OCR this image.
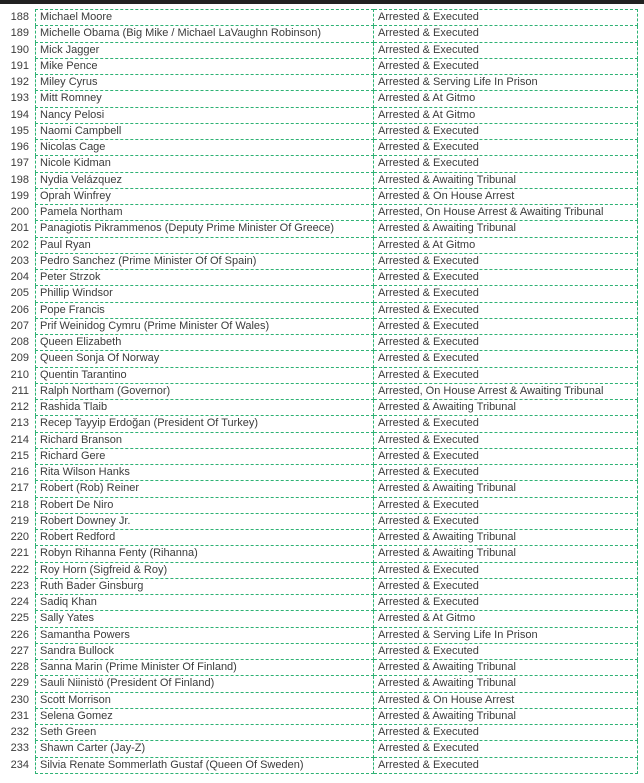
188	Michael Moore	Arrested & Executed
189	Michelle Obama (Big Mike / Michael LaVaughn Robinson)	Arrested & Executed
190	Mick Jagger	Arrested & Executed
191	Mike Pence	Arrested & Executed
192	Miley Cyrus	Arrested & Serving Life In Prison
193	Mitt Romney	Arrested & At Gitmo
194	Nancy Pelosi	Arrested & At Gitmo
195	Naomi Campbell	Arrested & Executed
196	Nicolas Cage	Arrested & Executed
197	Nicole Kidman	Arrested & Executed
198	Nydia Velázquez	Arrested & Awaiting Tribunal
199	Oprah Winfrey	Arrested & On House Arrest
200	Pamela Northam	Arrested, On House Arrest & Awaiting Tribunal
201	Panagiotis Pikrammenos (Deputy Prime Minister Of Greece)	Arrested & Awaiting Tribunal
202	Paul Ryan	Arrested & At Gitmo
203	Pedro Sanchez (Prime Minister Of Of Spain)	Arrested & Executed
204	Peter Strzok	Arrested & Executed
205	Phillip Windsor	Arrested & Executed
206	Pope Francis	Arrested & Executed
207	Prif Weinidog Cymru (Prime Minister Of Wales)	Arrested & Executed
208	Queen Elizabeth	Arrested & Executed
209	Queen Sonja Of Norway	Arrested & Executed
210	Quentin Tarantino	Arrested & Executed
211	Ralph Northam (Governor)	Arrested, On House Arrest & Awaiting Tribunal
212	Rashida Tlaib	Arrested & Awaiting Tribunal
213	Recep Tayyip Erdoğan (President Of Turkey)	Arrested & Executed
214	Richard Branson	Arrested & Executed
215	Richard Gere	Arrested & Executed
216	Rita Wilson Hanks	Arrested & Executed
217	Robert (Rob) Reiner	Arrested & Awaiting Tribunal
218	Robert De Niro	Arrested & Executed
219	Robert Downey Jr.	Arrested & Executed
220	Robert Redford	Arrested & Awaiting Tribunal
221	Robyn Rihanna Fenty (Rihanna)	Arrested & Awaiting Tribunal
222	Roy Horn (Sigfreid & Roy)	Arrested & Executed
223	Ruth Bader Ginsburg	Arrested & Executed
224	Sadiq Khan	Arrested & Executed
225	Sally Yates	Arrested & At Gitmo
226	Samantha Powers	Arrested & Serving Life In Prison
227	Sandra Bullock	Arrested & Executed
228	Sanna Marin (Prime Minister Of Finland)	Arrested & Awaiting Tribunal
229	Sauli Niinistö (President Of Finland)	Arrested & Awaiting Tribunal
230	Scott Morrison	Arrested & On House Arrest
231	Selena Gomez	Arrested & Awaiting Tribunal
232	Seth Green	Arrested & Executed
233	Shawn Carter (Jay-Z)	Arrested & Executed
234	Silvia Renate Sommerlath Gustaf (Queen Of Sweden)	Arrested & Executed
